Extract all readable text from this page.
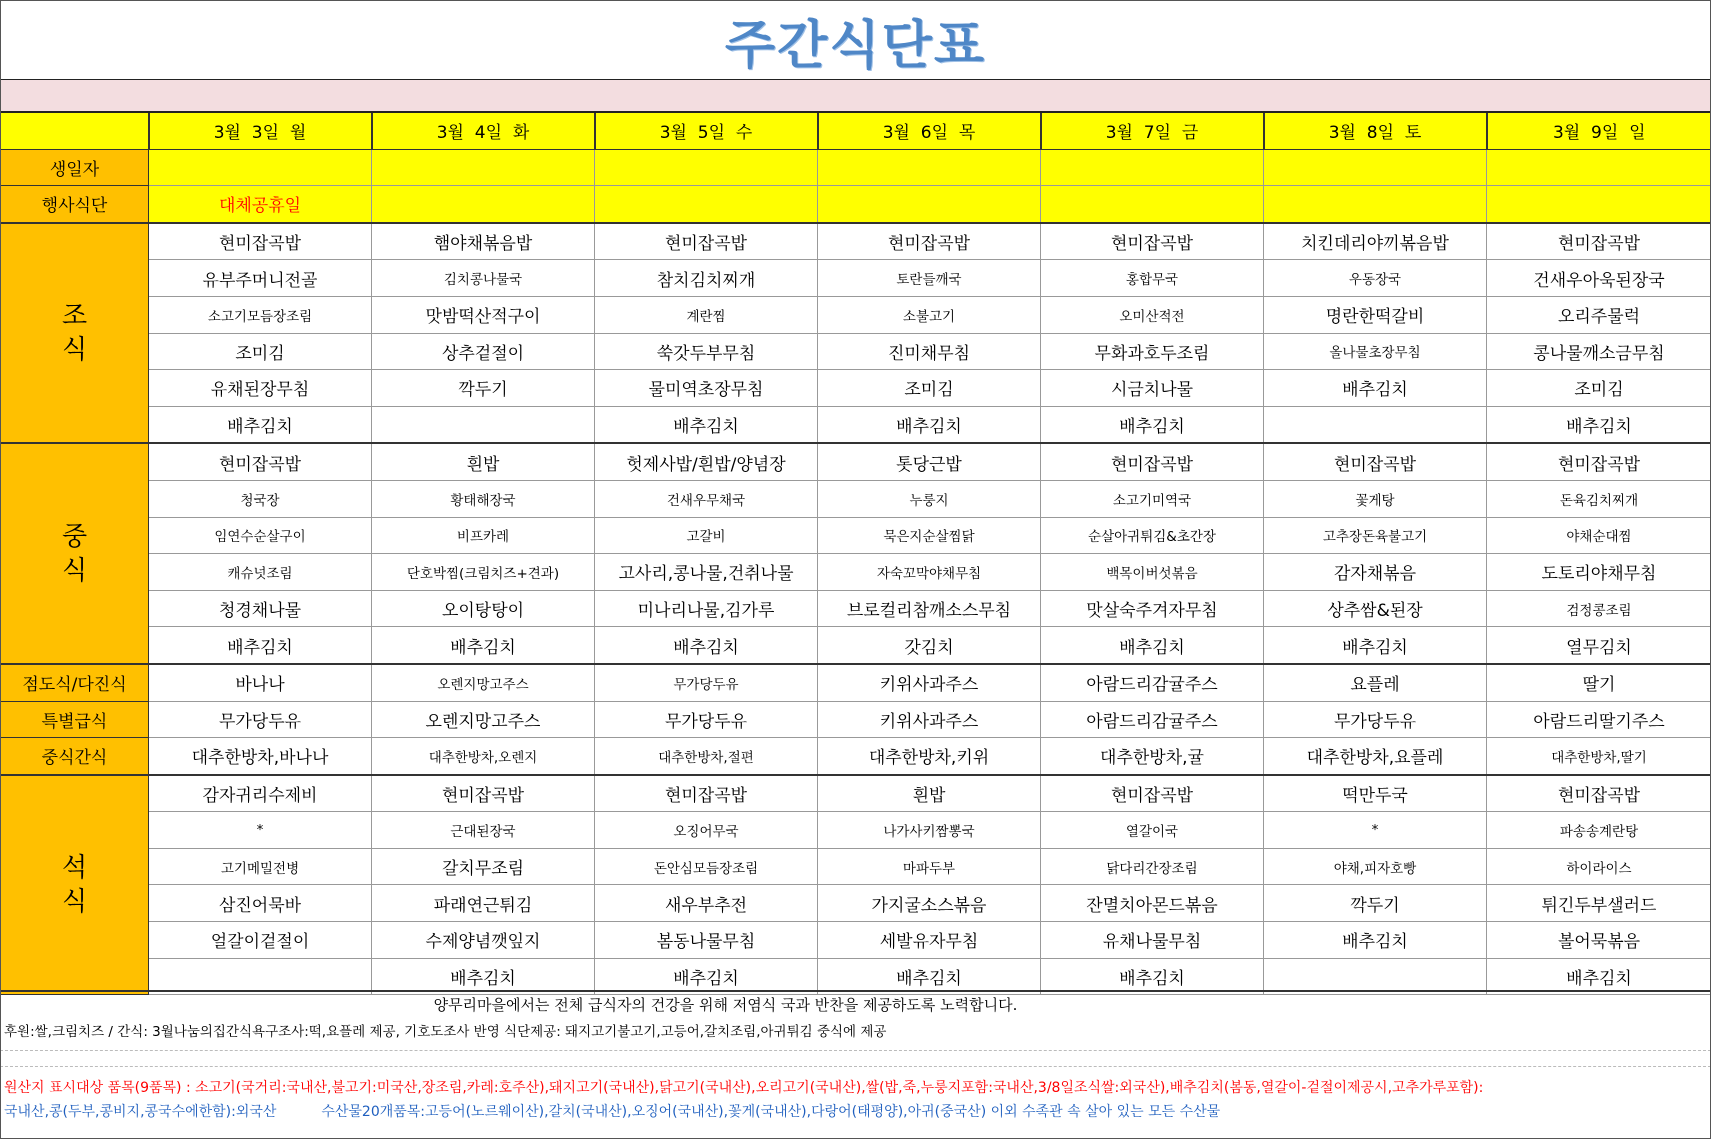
주간식단표
	3월  3일  월	3월  4일  화	3월  5일  수	3월  6일  목	3월  7일  금	3월  8일  토	3월  9일  일
생일자							
행사식단	대체공휴일						
조
식	현미잡곡밥	햄야채볶음밥	현미잡곡밥	현미잡곡밥	현미잡곡밥	치킨데리야끼볶음밥	현미잡곡밥
	유부주머니전골	김치콩나물국	참치김치찌개	토란들깨국	홍합무국	우동장국	건새우아욱된장국
	소고기모듬장조림	맛밤떡산적구이	계란찜	소불고기	오미산적전	명란한떡갈비	오리주물럭
	조미김	상추겉절이	쑥갓두부무침	진미채무침	무화과호두조림	올나물초장무침	콩나물깨소금무침
	유채된장무침	깍두기	물미역초장무침	조미김	시금치나물	배추김치	조미김
	배추김치		배추김치	배추김치	배추김치		배추김치
중
식	현미잡곡밥	흰밥	헛제사밥/흰밥/양념장	톳당근밥	현미잡곡밥	현미잡곡밥	현미잡곡밥
	청국장	황태해장국	건새우무채국	누룽지	소고기미역국	꽃게탕	돈육김치찌개
	임연수순살구이	비프카레	고갈비	묵은지순살찜닭	순살아귀튀김&초간장	고추장돈육불고기	야채순대찜
	캐슈넛조림	단호박찜(크림치즈+견과)	고사리,콩나물,건취나물	자숙꼬막야채무침	백목이버섯볶음	감자채볶음	도토리야채무침
	청경채나물	오이탕탕이	미나리나물,김가루	브로컬리참깨소스무침	맛살숙주겨자무침	상추쌈&된장	검정콩조림
	배추김치	배추김치	배추김치	갓김치	배추김치	배추김치	열무김치
점도식/다진식	바나나	오렌지망고주스	무가당두유	키위사과주스	아람드리감귤주스	요플레	딸기
특별급식	무가당두유	오렌지망고주스	무가당두유	키위사과주스	아람드리감귤주스	무가당두유	아람드리딸기주스
중식간식	대추한방차,바나나	대추한방차,오렌지	대추한방차,절편	대추한방차,키위	대추한방차,귤	대추한방차,요플레	대추한방차,딸기
석
식	감자귀리수제비	현미잡곡밥	현미잡곡밥	흰밥	현미잡곡밥	떡만두국	현미잡곡밥
	*	근대된장국	오징어무국	나가사키짬뽕국	열갈이국	*	파송송계란탕
	고기메밀전병	갈치무조림	돈안심모듬장조림	마파두부	닭다리간장조림	야채,피자호빵	하이라이스
	삼진어묵바	파래연근튀김	새우부추전	가지굴소스볶음	잔멸치아몬드볶음	깍두기	튀긴두부샐러드
	얼갈이겉절이	수제양념깻잎지	봄동나물무침	세발유자무침	유채나물무침	배추김치	볼어묵볶음
		배추김치	배추김치	배추김치	배추김치		배추김치
양무리마을에서는 전체 급식자의 건강을 위해 저염식 국과 반찬을 제공하도록 노력합니다.
후원:쌀,크림치즈 / 간식: 3월나눔의집간식욕구조사:떡,요플레 제공, 기호도조사 반영 식단제공: 돼지고기불고기,고등어,갈치조림,아귀튀김 중식에 제공
원산지 표시대상 품목(9품목) : 소고기(국거리:국내산,불고기:미국산,장조림,카레:호주산),돼지고기(국내산),닭고기(국내산),오리고기(국내산),쌀(밥,죽,누룽지포함:국내산,3/8일조식쌀:외국산),배추김치(봄동,열갈이-겉절이제공시,고추가루포함):
국내산,콩(두부,콩비지,콩국수에한함):외국산	수산물20개품목:고등어(노르웨이산),갈치(국내산),오징어(국내산),꽃게(국내산),다랑어(태평양),아귀(중국산) 이외 수족관 속 살아 있는 모든 수산물
